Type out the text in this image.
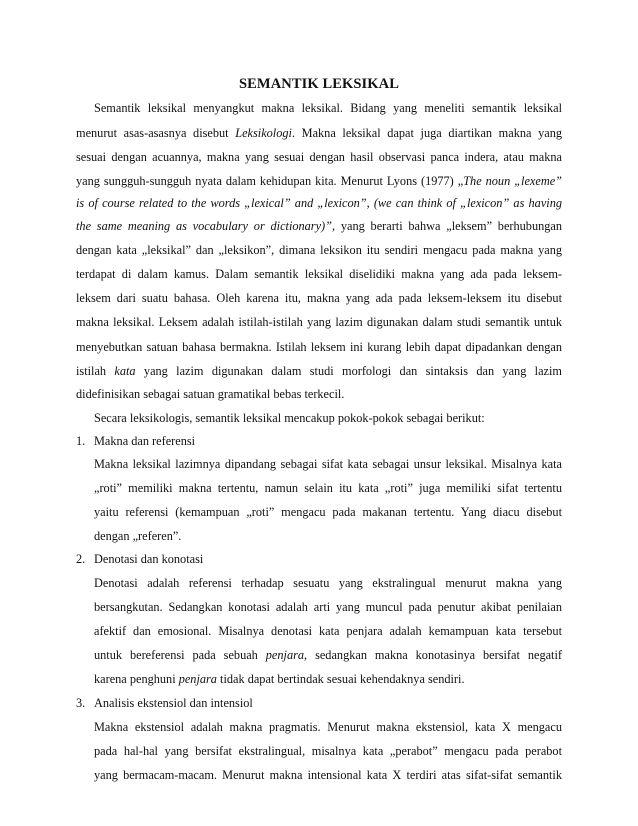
SEMANTIK LEKSIKAL
Semantik leksikal menyangkut makna leksikal. Bidang yang meneliti semantik leksikal
menurut asas-asasnya disebut Leksikologi. Makna leksikal dapat juga diartikan makna yang
sesuai dengan acuannya, makna yang sesuai dengan hasil observasi panca indera, atau makna
yang sungguh-sungguh nyata dalam kehidupan kita. Menurut Lyons (1977) „The noun „lexeme”
is of course related to the words „lexical” and „lexicon”, (we can think of „lexicon” as having
the same meaning as vocabulary or dictionary)”, yang berarti bahwa „leksem” berhubungan
dengan kata „leksikal” dan „leksikon”, dimana leksikon itu sendiri mengacu pada makna yang
terdapat di dalam kamus. Dalam semantik leksikal diselidiki makna yang ada pada leksem-
leksem dari suatu bahasa. Oleh karena itu, makna yang ada pada leksem-leksem itu disebut
makna leksikal. Leksem adalah istilah-istilah yang lazim digunakan dalam studi semantik untuk
menyebutkan satuan bahasa bermakna. Istilah leksem ini kurang lebih dapat dipadankan dengan
istilah kata yang lazim digunakan dalam studi morfologi dan sintaksis dan yang lazim
didefinisikan sebagai satuan gramatikal bebas terkecil.
Secara leksikologis, semantik leksikal mencakup pokok-pokok sebagai berikut:
1. Makna dan referensi
Makna leksikal lazimnya dipandang sebagai sifat kata sebagai unsur leksikal. Misalnya kata
„roti” memiliki makna tertentu, namun selain itu kata „roti” juga memiliki sifat tertentu
yaitu referensi (kemampuan „roti” mengacu pada makanan tertentu. Yang diacu disebut
dengan „referen”.
2. Denotasi dan konotasi
Denotasi adalah referensi terhadap sesuatu yang ekstralingual menurut makna yang
bersangkutan. Sedangkan konotasi adalah arti yang muncul pada penutur akibat penilaian
afektif dan emosional. Misalnya denotasi kata penjara adalah kemampuan kata tersebut
untuk bereferensi pada sebuah penjara, sedangkan makna konotasinya bersifat negatif
karena penghuni penjara tidak dapat bertindak sesuai kehendaknya sendiri.
3. Analisis ekstensiol dan intensiol
Makna ekstensiol adalah makna pragmatis. Menurut makna ekstensiol, kata X mengacu
pada hal-hal yang bersifat ekstralingual, misalnya kata „perabot” mengacu pada perabot
yang bermacam-macam. Menurut makna intensional kata X terdiri atas sifat-sifat semantik
